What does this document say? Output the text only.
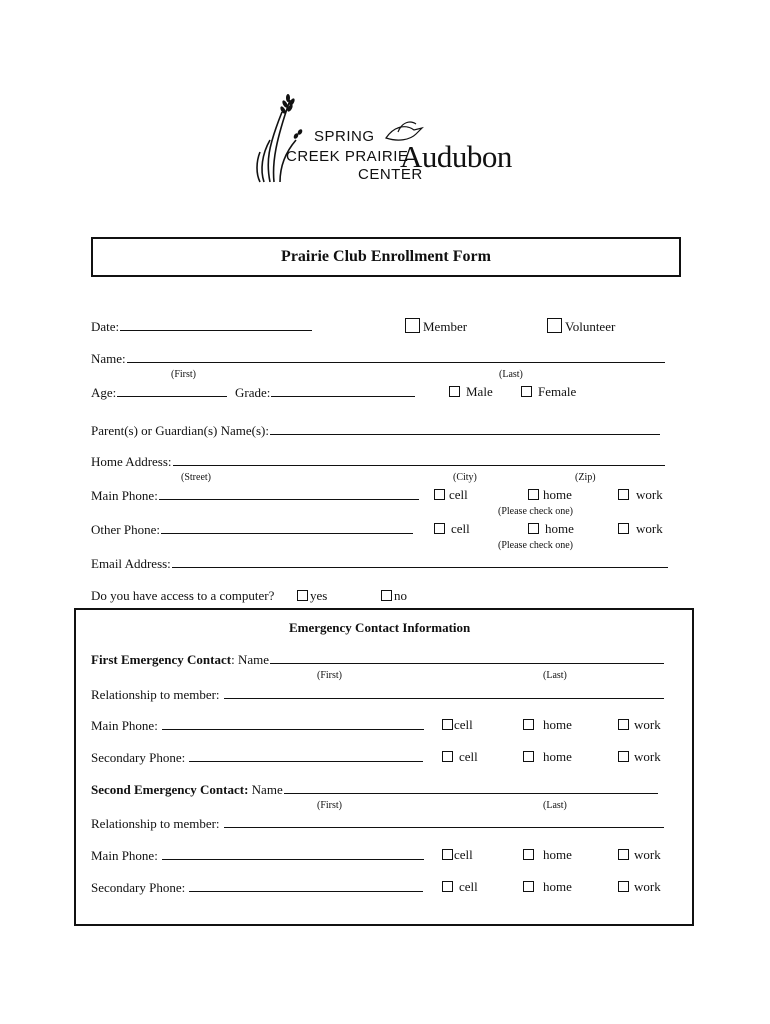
SPRING
CREEK PRAIRIE
CENTER
Audubon
Prairie Club Enrollment Form
Date:	Member	Volunteer
Name:
(First)	(Last)
Age:	Grade:	Male	Female
Parent(s) or Guardian(s) Name(s):
Home Address:
(Street)	(City)	(Zip)
Main Phone:	cell	home	work
(Please check one)
Other Phone:	cell	home	work
(Please check one)
Email Address:
Do you have access to a computer?	yes	no
Emergency Contact Information
First Emergency Contact: Name
(First)	(Last)
Relationship to member:
Main Phone:	cell	home	work
Secondary Phone:	cell	home	work
Second Emergency Contact: Name
(First)	(Last)
Relationship to member:
Main Phone:	cell	home	work
Secondary Phone:	cell	home	work
